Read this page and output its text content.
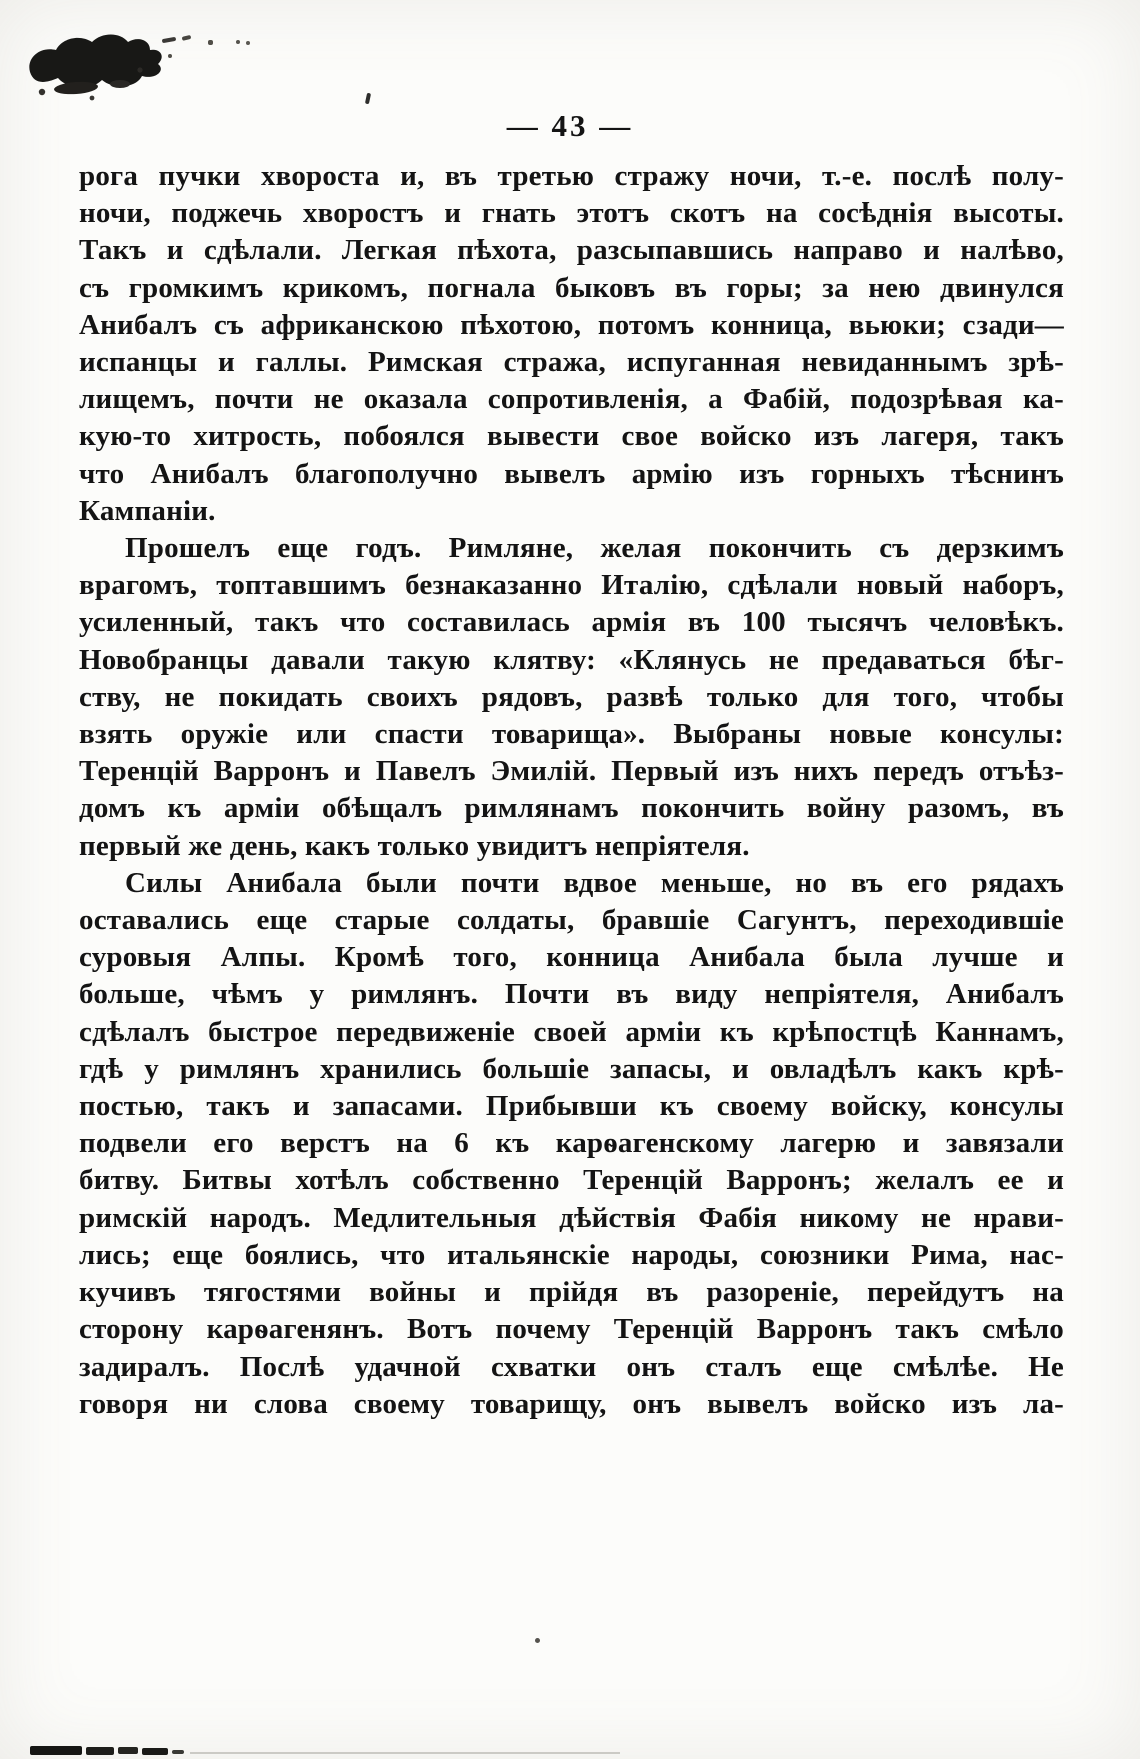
— 43 —
рога пучки хвороста и, въ третью стражу ночи, т.-е. послѣ полу-
ночи, поджечь хворостъ и гнать этотъ скотъ на сосѣднія высоты.
Такъ и сдѣлали. Легкая пѣхота, разсыпавшись направо и налѣво,
съ громкимъ крикомъ, погнала быковъ въ горы; за нею двинулся
Анибалъ съ африканскою пѣхотою, потомъ конница, вьюки; сзади—
испанцы и галлы. Римская стража, испуганная невиданнымъ зрѣ-
лищемъ, почти не оказала сопротивленія, а Фабій, подозрѣвая ка-
кую-то хитрость, побоялся вывести свое войско изъ лагеря, такъ
что Анибалъ благополучно вывелъ армію изъ горныхъ тѣснинъ
Кампаніи.
Прошелъ еще годъ. Римляне, желая покончить съ дерзкимъ
врагомъ, топтавшимъ безнаказанно Италію, сдѣлали новый наборъ,
усиленный, такъ что составилась армія въ 100 тысячъ человѣкъ.
Новобранцы давали такую клятву: «Клянусь не предаваться бѣг-
ству, не покидать своихъ рядовъ, развѣ только для того, чтобы
взять оружіе или спасти товарища». Выбраны новые консулы:
Теренцій Варронъ и Павелъ Эмилій. Первый изъ нихъ передъ отъѣз-
домъ къ арміи обѣщалъ римлянамъ покончить войну разомъ, въ
первый же день, какъ только увидитъ непріятеля.
Силы Анибала были почти вдвое меньше, но въ его рядахъ
оставались еще старые солдаты, бравшіе Сагунтъ, переходившіе
суровыя Алпы. Кромѣ того, конница Анибала была лучше и
больше, чѣмъ у римлянъ. Почти въ виду непріятеля, Анибалъ
сдѣлалъ быстрое передвиженіе своей арміи къ крѣпостцѣ Каннамъ,
гдѣ у римлянъ хранились большіе запасы, и овладѣлъ какъ крѣ-
постью, такъ и запасами. Прибывши къ своему войску, консулы
подвели его верстъ на 6 къ карѳагенскому лагерю и завязали
битву. Битвы хотѣлъ собственно Теренцій Варронъ; желалъ ее и
римскій народъ. Медлительныя дѣйствія Фабія никому не нрави-
лись; еще боялись, что итальянскіе народы, союзники Рима, нас-
кучивъ тягостями войны и прійдя въ разореніе, перейдутъ на
сторону карѳагенянъ. Вотъ почему Теренцій Варронъ такъ смѣло
задиралъ. Послѣ удачной схватки онъ сталъ еще смѣлѣе. Не
говоря ни слова своему товарищу, онъ вывелъ войско изъ ла-
